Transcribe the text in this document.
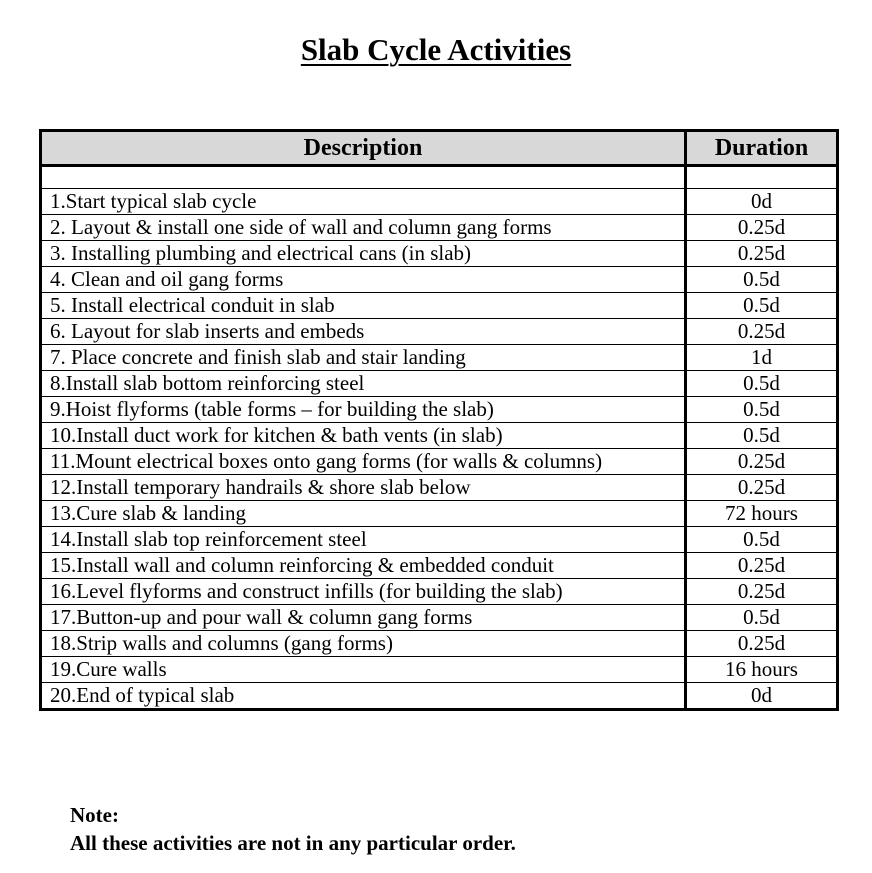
Slab Cycle Activities
Description	Duration

1.Start typical slab cycle	0d
2. Layout & install one side of wall and column gang forms	0.25d
3. Installing plumbing and electrical cans (in slab)	0.25d
4. Clean and oil gang forms	0.5d
5. Install electrical conduit in slab	0.5d
6. Layout for slab inserts and embeds	0.25d
7. Place concrete and finish slab and stair landing	1d
8.Install slab bottom reinforcing steel	0.5d
9.Hoist flyforms (table forms – for building the slab)	0.5d
10.Install duct work for kitchen & bath vents (in slab)	0.5d
11.Mount electrical boxes onto gang forms (for walls & columns)	0.25d
12.Install temporary handrails & shore slab below	0.25d
13.Cure slab & landing	72 hours
14.Install slab top reinforcement steel	0.5d
15.Install wall and column reinforcing & embedded conduit	0.25d
16.Level flyforms and construct infills (for building the slab)	0.25d
17.Button-up and pour wall & column gang forms	0.5d
18.Strip walls and columns (gang forms)	0.25d
19.Cure walls	16 hours
20.End of typical slab	0d
Note:
All these activities are not in any particular order.
